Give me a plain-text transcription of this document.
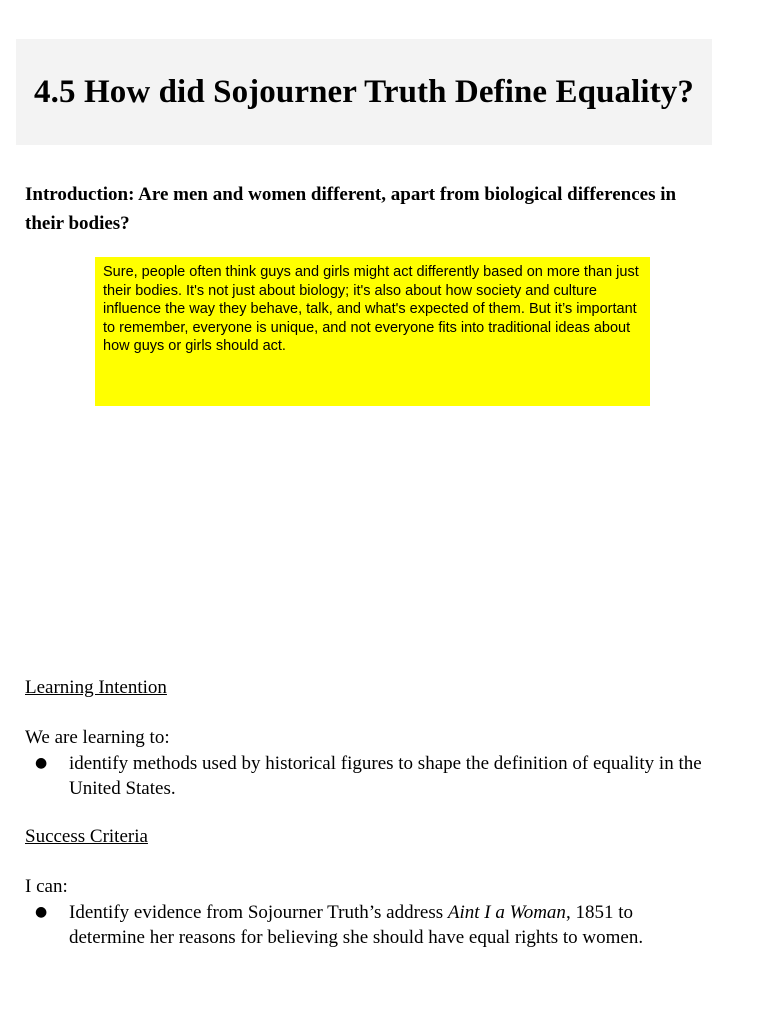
4.5 How did Sojourner Truth Define Equality?

Introduction: Are men and women different, apart from biological differences in their bodies?

Sure, people often think guys and girls might act differently based on more than just their bodies. It's not just about biology; it's also about how society and culture influence the way they behave, talk, and what's expected of them. But it’s important to remember, everyone is unique, and not everyone fits into traditional ideas about how guys or girls should act.

Learning Intention

We are learning to:

● identify methods used by historical figures to shape the definition of equality in the United States.

Success Criteria

I can:

● Identify evidence from Sojourner Truth’s address Aint I a Woman, 1851 to determine her reasons for believing she should have equal rights to women.
